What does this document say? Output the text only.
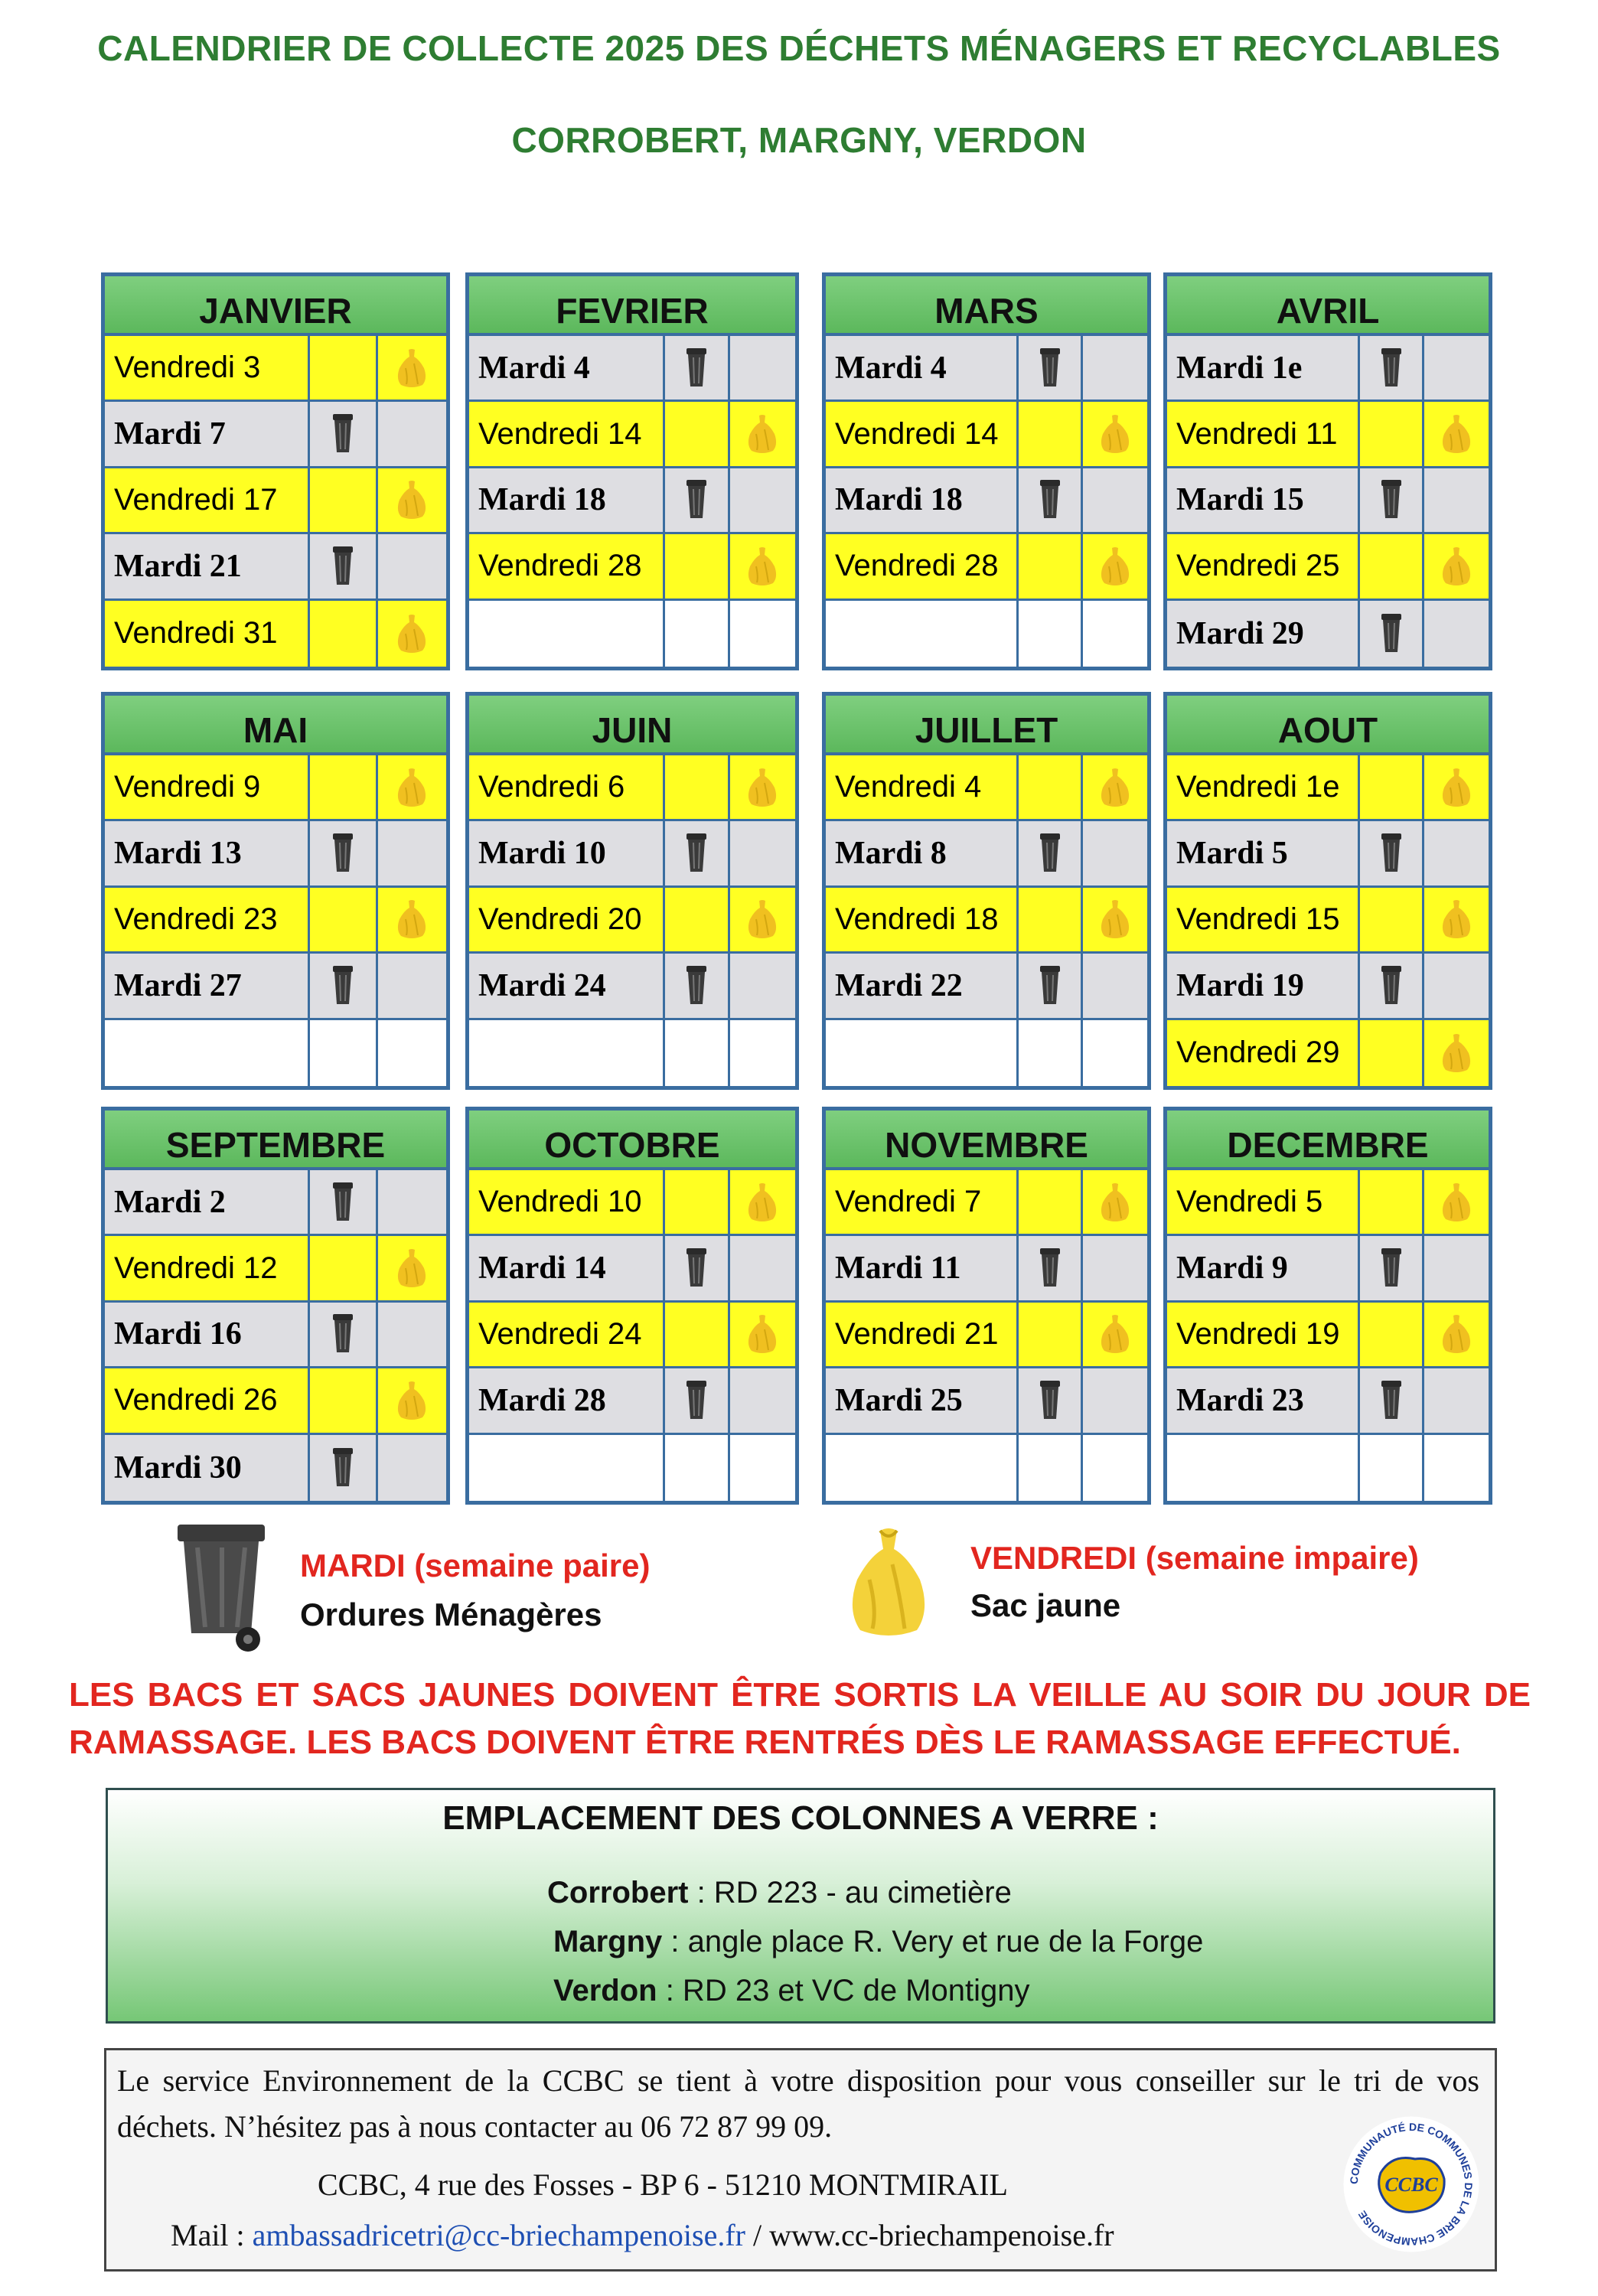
CALENDRIER DE COLLECTE 2025 DES DÉCHETS MÉNAGERS ET RECYCLABLES
CORROBERT, MARGNY, VERDON
JANVIER
Vendredi 3
Mardi 7
Vendredi 17
Mardi 21
Vendredi 31
FEVRIER
Mardi 4
Vendredi 14
Mardi 18
Vendredi 28
MARS
Mardi 4
Vendredi 14
Mardi 18
Vendredi 28
AVRIL
Mardi 1e
Vendredi 11
Mardi 15
Vendredi 25
Mardi 29
MAI
Vendredi 9
Mardi 13
Vendredi 23
Mardi 27
JUIN
Vendredi 6
Mardi 10
Vendredi 20
Mardi 24
JUILLET
Vendredi 4
Mardi 8
Vendredi 18
Mardi 22
AOUT
Vendredi 1e
Mardi 5
Vendredi 15
Mardi 19
Vendredi 29
SEPTEMBRE
Mardi 2
Vendredi 12
Mardi 16
Vendredi 26
Mardi 30
OCTOBRE
Vendredi 10
Mardi 14
Vendredi 24
Mardi 28
NOVEMBRE
Vendredi 7
Mardi 11
Vendredi 21
Mardi 25
DECEMBRE
Vendredi 5
Mardi 9
Vendredi 19
Mardi 23
MARDI (semaine paire)
Ordures Ménagères
VENDREDI (semaine impaire)
Sac jaune
LES BACS ET SACS JAUNES DOIVENT ÊTRE SORTIS LA VEILLE AU SOIR DU JOUR DE RAMASSAGE. LES BACS DOIVENT ÊTRE RENTRÉS DÈS LE RAMASSAGE EFFECTUÉ.
EMPLACEMENT DES COLONNES A VERRE :
Corrobert : RD 223 - au cimetière
Margny : angle place R. Very et rue de la Forge
Verdon : RD 23 et VC de Montigny
Le service Environnement de la CCBC se tient à votre disposition pour vous conseiller sur le tri de vos déchets. N’hésitez pas à nous contacter au 06 72 87 99 09.
CCBC, 4 rue des Fosses - BP 6 - 51210 MONTMIRAIL
Mail : ambassadricetri@cc-briechampenoise.fr / www.cc-briechampenoise.fr
COMMUNAUTÉ DE COMMUNES DE LA BRIE CHAMPENOISE
CCBC
